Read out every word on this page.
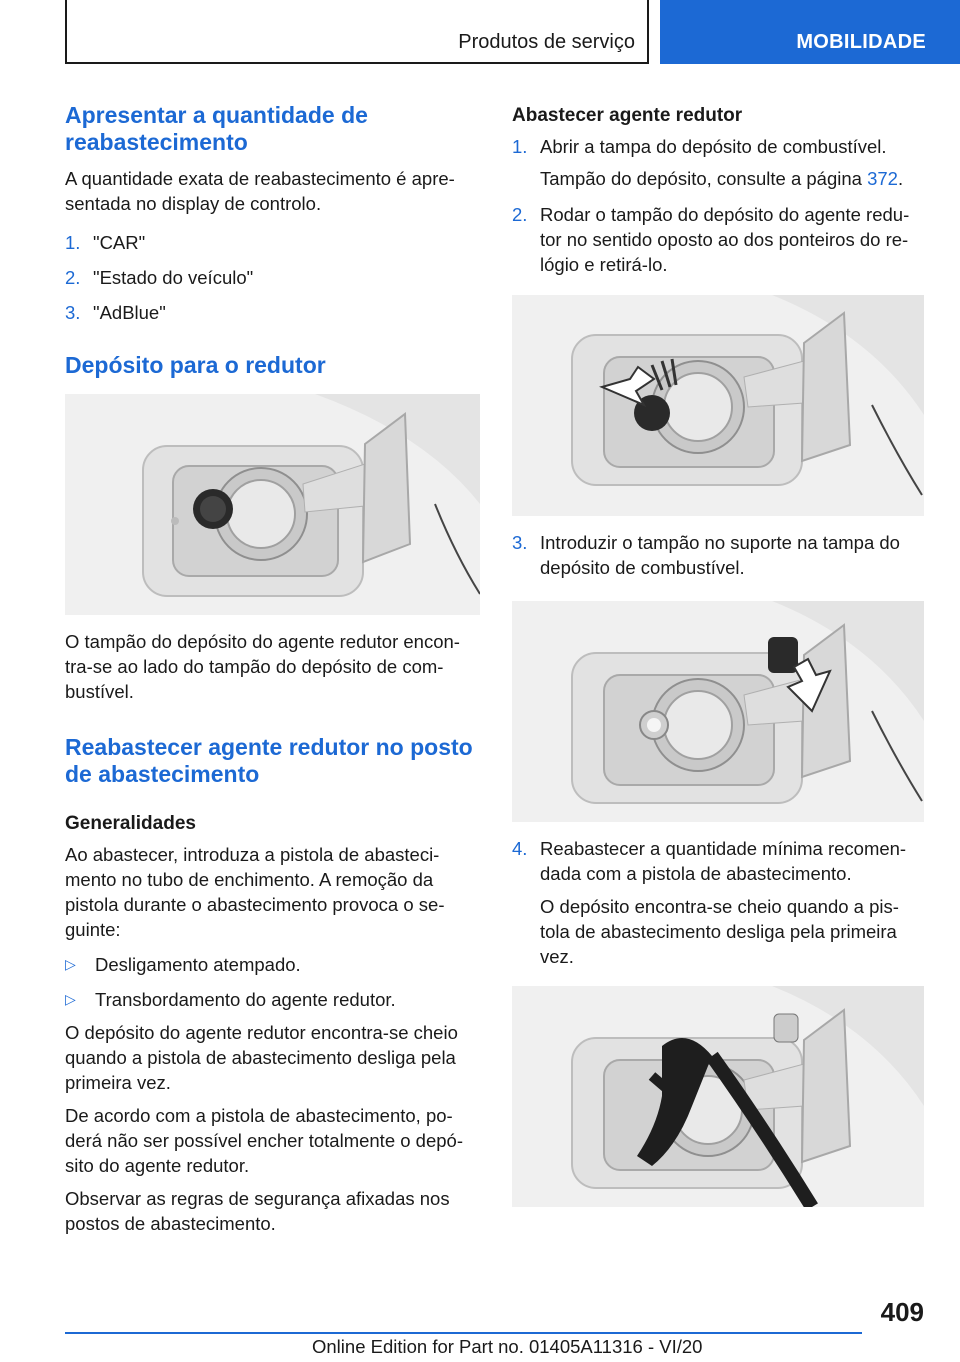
Produtos de serviço	MOBILIDADE
Apresentar a quantidade de reabastecimento

A quantidade exata de reabastecimento é apre-sentada no display de controlo.

1. "CAR"
2. "Estado do veículo"
3. "AdBlue"
Depósito para o redutor

O tampão do depósito do agente redutor encon-tra-se ao lado do tampão do depósito de com-bustível.

Reabastecer agente redutor no posto de abastecimento
Generalidades

Ao abastecer, introduza a pistola de abasteci-mento no tubo de enchimento. A remoção da pistola durante o abastecimento provoca o se-guinte:

▷	Desligamento atempado.
▷	Transbordamento do agente redutor.

O depósito do agente redutor encontra-se cheio quando a pistola de abastecimento desliga pela primeira vez.

De acordo com a pistola de abastecimento, po-derá não ser possível encher totalmente o depó-sito do agente redutor.

Observar as regras de segurança afixadas nos postos de abastecimento.

Abastecer agente redutor
1. Abrir a tampa do depósito de combustível.
Tampão do depósito, consulte a página 372.
2. Rodar o tampão do depósito do agente redu-tor no sentido oposto ao dos ponteiros do re-lógio e retirá-lo.
3. Introduzir o tampão no suporte na tampa do depósito de combustível.
4. Reabastecer a quantidade mínima recomen-dada com a pistola de abastecimento.
O depósito encontra-se cheio quando a pis-tola de abastecimento desliga pela primeira vez.
409
Online Edition for Part no. 01405A11316 - VI/20
